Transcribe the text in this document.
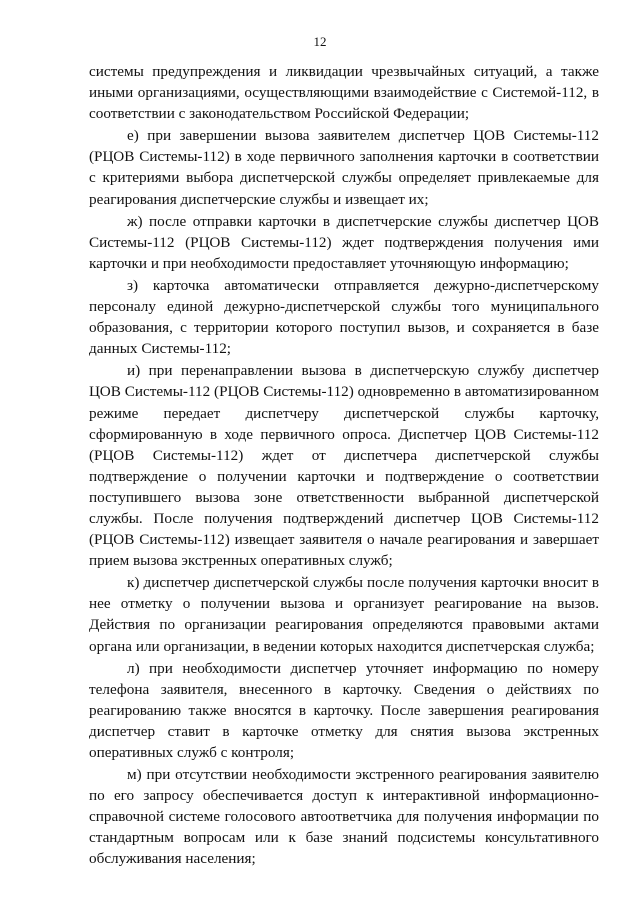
12

системы предупреждения и ликвидации чрезвычайных ситуаций, а также иными организациями, осуществляющими взаимодействие с Системой-112, в соответствии с законодательством Российской Федерации;

е) при завершении вызова заявителем диспетчер ЦОВ Системы-112 (РЦОВ Системы-112) в ходе первичного заполнения карточки в соответствии с критериями выбора диспетчерской службы определяет привлекаемые для реагирования диспетчерские службы и извещает их;

ж) после отправки карточки в диспетчерские службы диспетчер ЦОВ Системы-112 (РЦОВ Системы-112) ждет подтверждения получения ими карточки и при необходимости предоставляет уточняющую информацию;

з) карточка автоматически отправляется дежурно-диспетчерскому персоналу единой дежурно-диспетчерской службы того муниципального образования, с территории которого поступил вызов, и сохраняется в базе данных Системы-112;

и) при перенаправлении вызова в диспетчерскую службу диспетчер ЦОВ Системы-112 (РЦОВ Системы-112) одновременно в автоматизированном режиме передает диспетчеру диспетчерской службы карточку, сформированную в ходе первичного опроса. Диспетчер ЦОВ Системы-112 (РЦОВ Системы-112) ждет от диспетчера диспетчерской службы подтверждение о получении карточки и подтверждение о соответствии поступившего вызова зоне ответственности выбранной диспетчерской службы. После получения подтверждений диспетчер ЦОВ Системы-112 (РЦОВ Системы-112) извещает заявителя о начале реагирования и завершает прием вызова экстренных оперативных служб;

к) диспетчер диспетчерской службы после получения карточки вносит в нее отметку о получении вызова и организует реагирование на вызов. Действия по организации реагирования определяются правовыми актами органа или организации, в ведении которых находится диспетчерская служба;

л) при необходимости диспетчер уточняет информацию по номеру телефона заявителя, внесенного в карточку. Сведения о действиях по реагированию также вносятся в карточку. После завершения реагирования диспетчер ставит в карточке отметку для снятия вызова экстренных оперативных служб с контроля;

м) при отсутствии необходимости экстренного реагирования заявителю по его запросу обеспечивается доступ к интерактивной информационно-справочной системе голосового автоответчика для получения информации по стандартным вопросам или к базе знаний подсистемы консультативного обслуживания населения;
